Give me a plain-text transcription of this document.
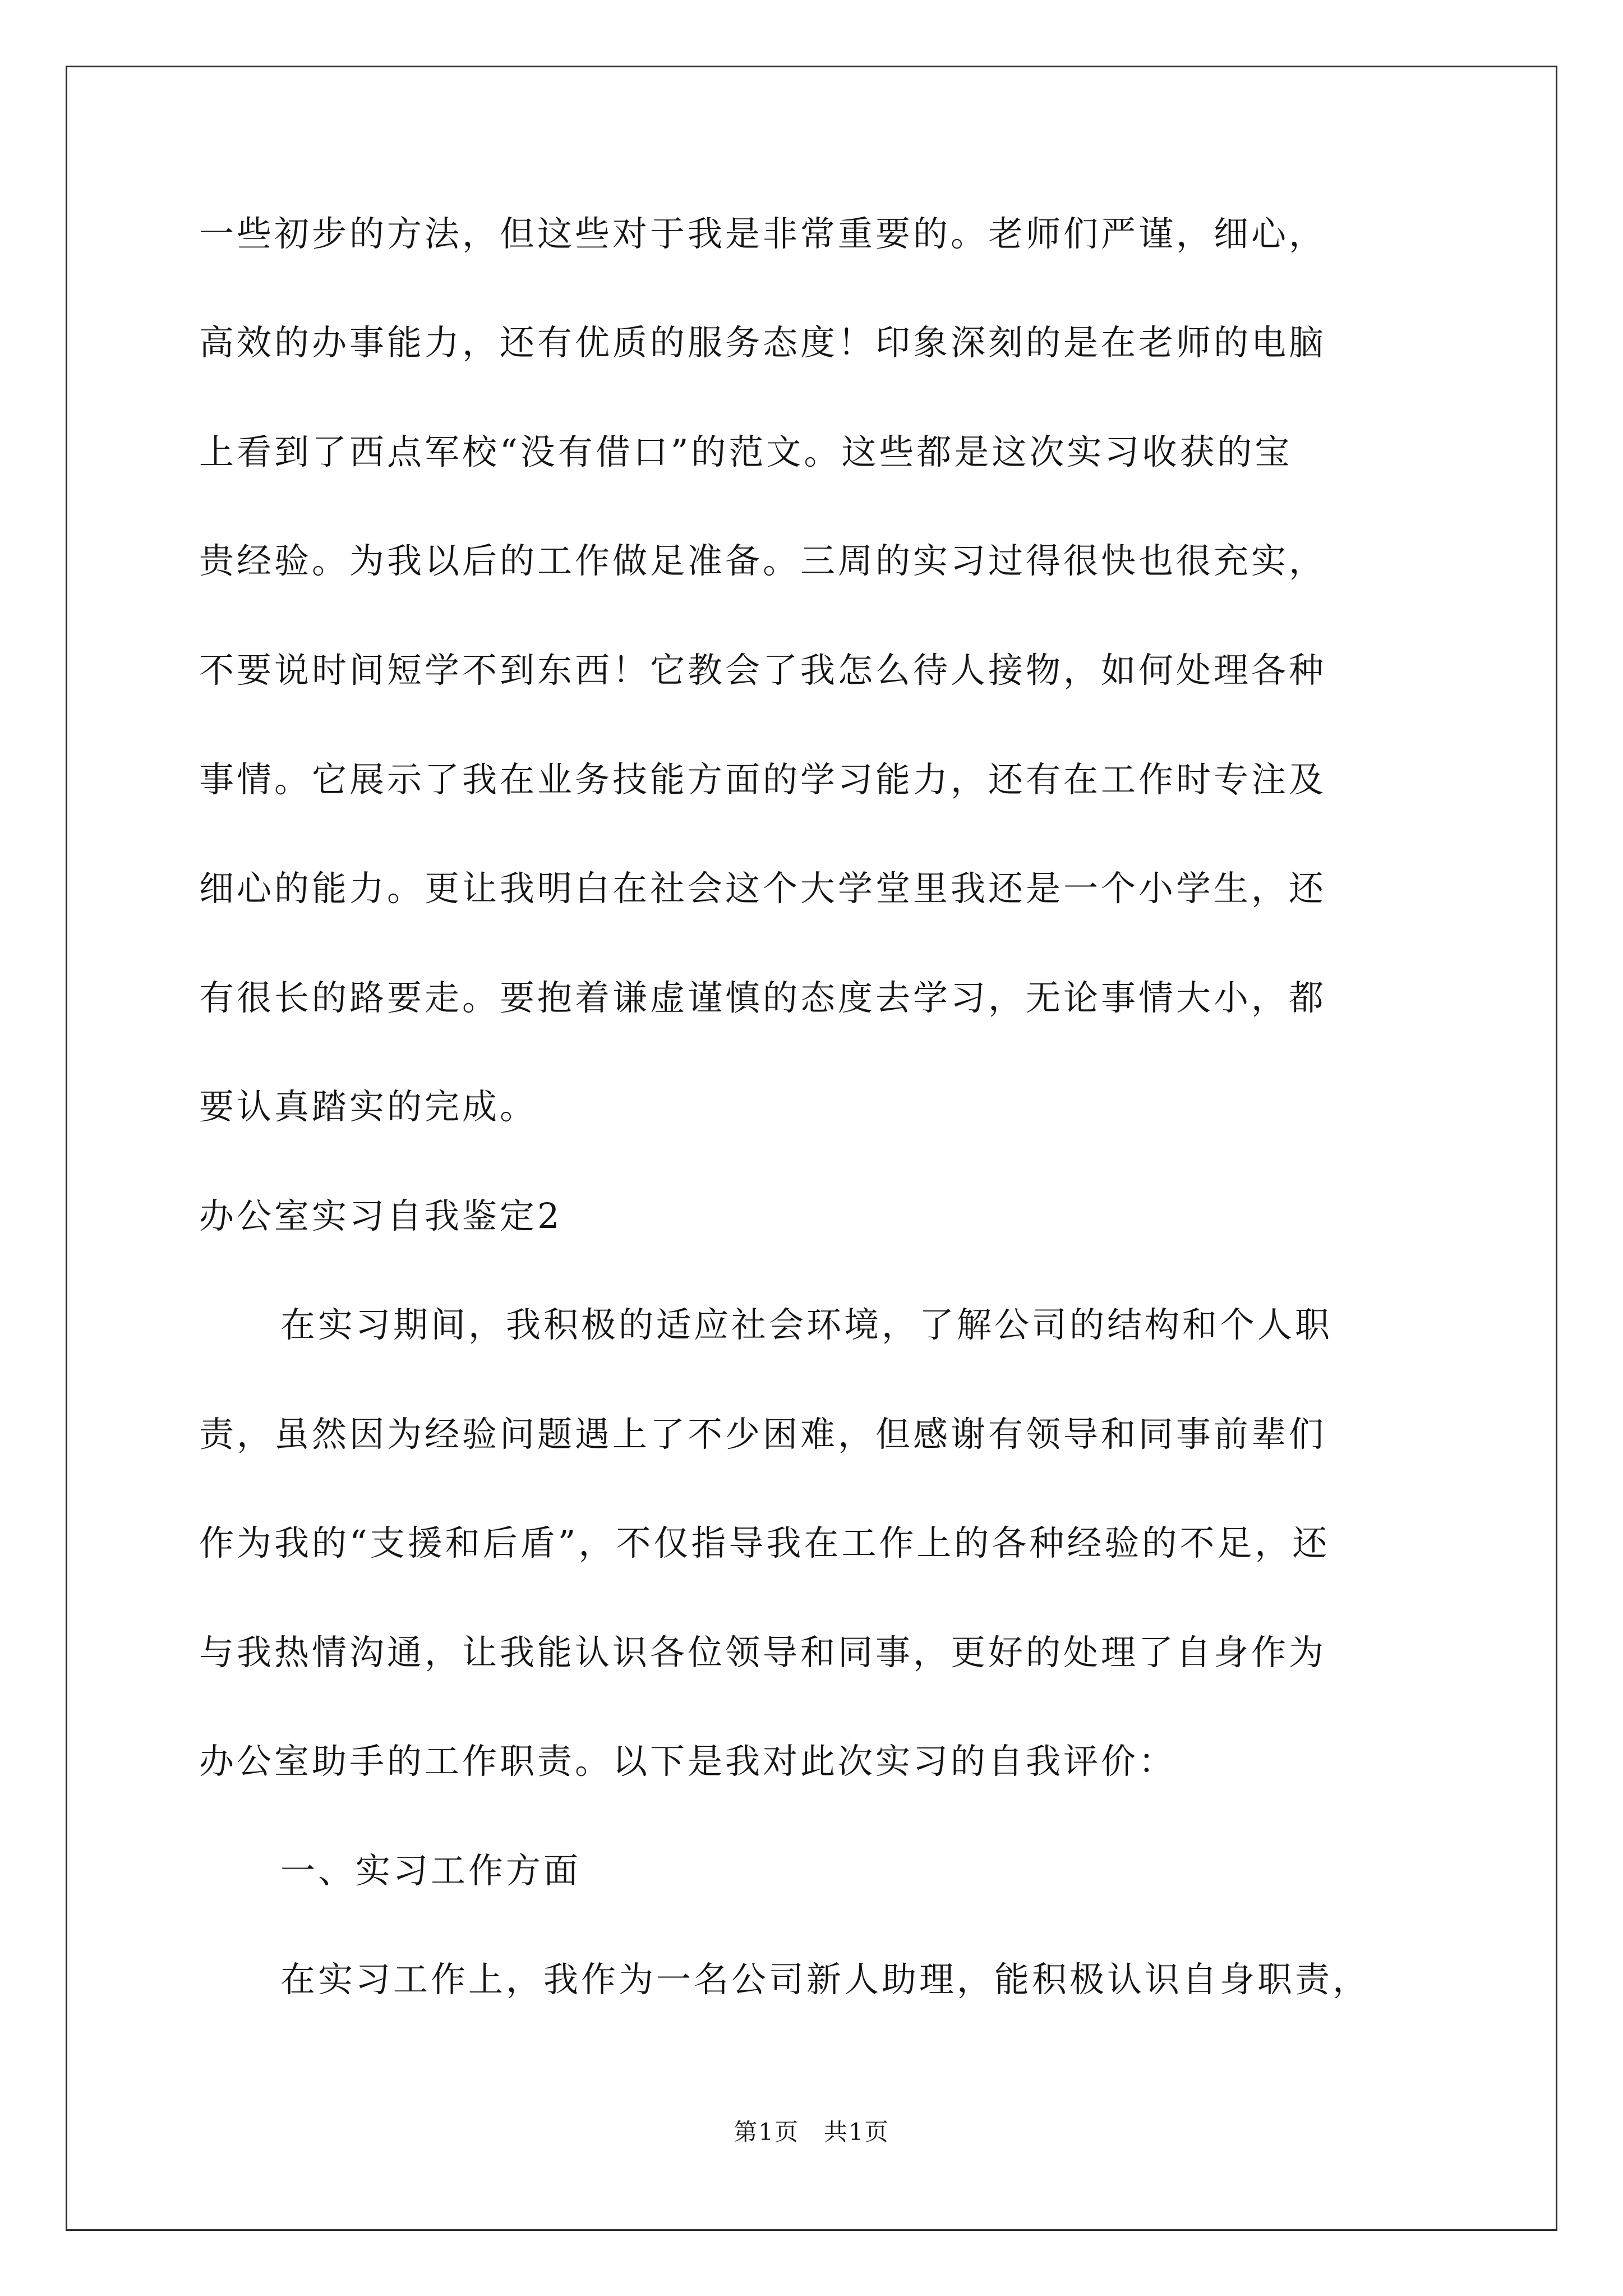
一些初步的方法，但这些对于我是非常重要的。老师们严谨，细心，
高效的办事能力，还有优质的服务态度！印象深刻的是在老师的电脑
上看到了西点军校“没有借口”的范文。这些都是这次实习收获的宝
贵经验。为我以后的工作做足准备。三周的实习过得很快也很充实，
不要说时间短学不到东西！它教会了我怎么待人接物，如何处理各种
事情。它展示了我在业务技能方面的学习能力，还有在工作时专注及
细心的能力。更让我明白在社会这个大学堂里我还是一个小学生，还
有很长的路要走。要抱着谦虚谨慎的态度去学习，无论事情大小，都
要认真踏实的完成。
办公室实习自我鉴定2
在实习期间，我积极的适应社会环境，了解公司的结构和个人职
责，虽然因为经验问题遇上了不少困难，但感谢有领导和同事前辈们
作为我的“支援和后盾”，不仅指导我在工作上的各种经验的不足，还
与我热情沟通，让我能认识各位领导和同事，更好的处理了自身作为
办公室助手的工作职责。以下是我对此次实习的自我评价：
一、实习工作方面
在实习工作上，我作为一名公司新人助理，能积极认识自身职责，
第1页　共1页
